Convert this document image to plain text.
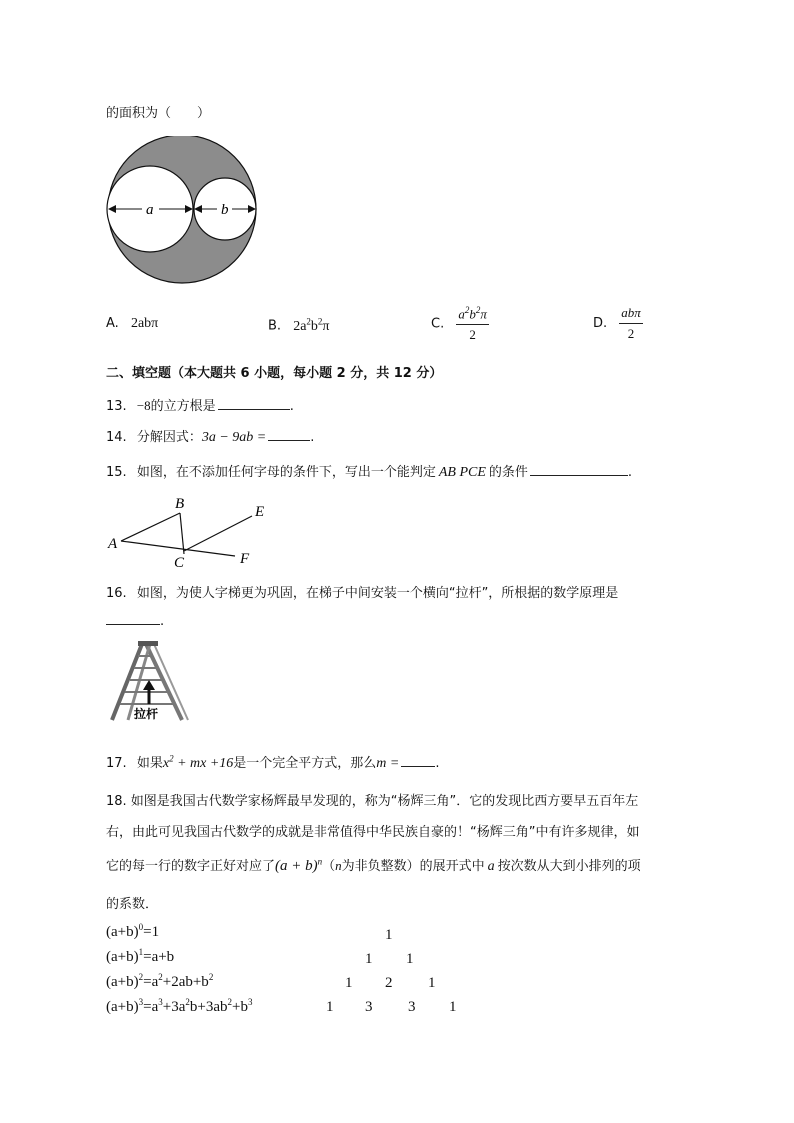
的面积为（　　）
a	b
A. 2abπ	B. $2a^2b^2\pi$	C. $\frac{a^2b^2\pi}{2}$	D. $\frac{\text{abπ}}{2}$
二、填空题（本大题共 6 小题，每小题 2 分，共 12 分）
13. −8的立方根是	.
14. 分解因式：3a − 9ab =	.
15. 如图，在不添加任何字母的条件下，写出一个能判定 AB PCE 的条件	.
A
B
C
E
F
16. 如图，为使人字梯更为巩固，在梯子中间安装一个横向“拉杆”，所根据的数学原理是
.
拉杆
17. 如果$x^2$ + mx +16是一个完全平方式，那么m =	.
18. 如图是我国古代数学家杨辉最早发现的，称为“杨辉三角”．它的发现比西方要早五百年左
右，由此可见我国古代数学的成就是非常值得中华民族自豪的！“杨辉三角”中有许多规律，如
它的每一行的数字正好对应了$(a + b)^n(n$为非负整数）的展开式中 a 按次数从大到小排列的项
的系数．
$(a+b)^0=1$
$(a+b)^1=a+b$
$(a+b)^2=a^2+2ab+b^2$
$(a+b)^3=a^3+3a^2b+3ab^2+b^3$
1
1 1
1 2 1
1 3 3 1
